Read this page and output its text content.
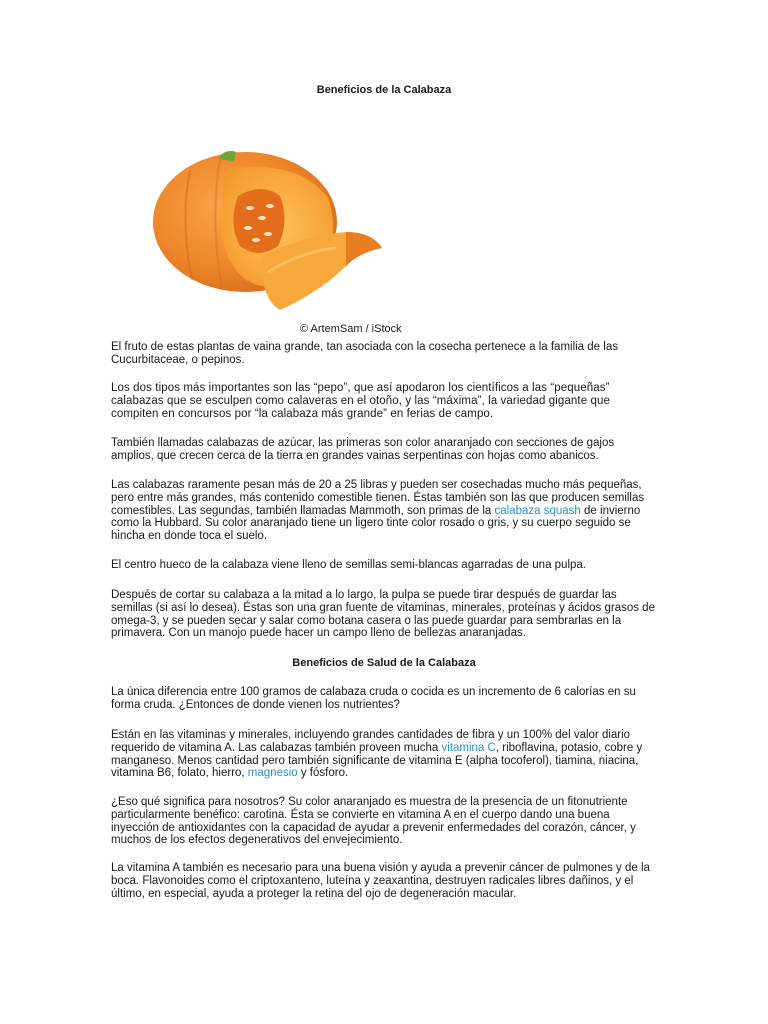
Beneficios de la Calabaza
© ArtemSam / iStock

El fruto de estas plantas de vaina grande, tan asociada con la cosecha pertenece a la familia de las Cucurbitaceae, o pepinos.

Los dos tipos más importantes son las “pepo”, que así apodaron los científicos a las “pequeñas” calabazas que se esculpen como calaveras en el otoño, y las “máxima”, la variedad gigante que compiten en concursos por “la calabaza más grande” en ferias de campo.

También llamadas calabazas de azúcar, las primeras son color anaranjado con secciones de gajos amplios, que crecen cerca de la tierra en grandes vainas serpentinas con hojas como abanicos.

Las calabazas raramente pesan más de 20 a 25 libras y pueden ser cosechadas mucho más pequeñas, pero entre más grandes, más contenido comestible tienen. Éstas también son las que producen semillas comestibles. Las segundas, también llamadas Mammoth, son primas de la calabaza squash de invierno como la Hubbard. Su color anaranjado tiene un ligero tinte color rosado o gris, y su cuerpo seguido se hincha en donde toca el suelo.

El centro hueco de la calabaza viene lleno de semillas semi-blancas agarradas de una pulpa.

Después de cortar su calabaza a la mitad a lo largo, la pulpa se puede tirar después de guardar las semillas (si así lo desea). Éstas son una gran fuente de vitaminas, minerales, proteínas y ácidos grasos de omega-3, y se pueden secar y salar como botana casera o las puede guardar para sembrarlas en la primavera. Con un manojo puede hacer un campo lleno de bellezas anaranjadas.

Beneficios de Salud de la Calabaza

La única diferencia entre 100 gramos de calabaza cruda o cocida es un incremento de 6 calorías en su forma cruda. ¿Entonces de donde vienen los nutrientes?

Están en las vitaminas y minerales, incluyendo grandes cantidades de fibra y un 100% del valor diario requerido de vitamina A. Las calabazas también proveen mucha vitamina C, riboflavina, potasio, cobre y manganeso. Menos cantidad pero también significante de vitamina E (alpha tocoferol), tiamina, niacina, vitamina B6, folato, hierro, magnesio y fósforo.

¿Eso qué significa para nosotros? Su color anaranjado es muestra de la presencia de un fitonutriente particularmente benéfico: carotina. Ésta se convierte en vitamina A en el cuerpo dando una buena inyección de antioxidantes con la capacidad de ayudar a prevenir enfermedades del corazón, cáncer, y muchos de los efectos degenerativos del envejecimiento.

La vitamina A también es necesario para una buena visión y ayuda a prevenir cáncer de pulmones y de la boca. Flavonoides como el criptoxanteno, luteína y zeaxantina, destruyen radicales libres dañinos, y el último, en especial, ayuda a proteger la retina del ojo de degeneración macular.
